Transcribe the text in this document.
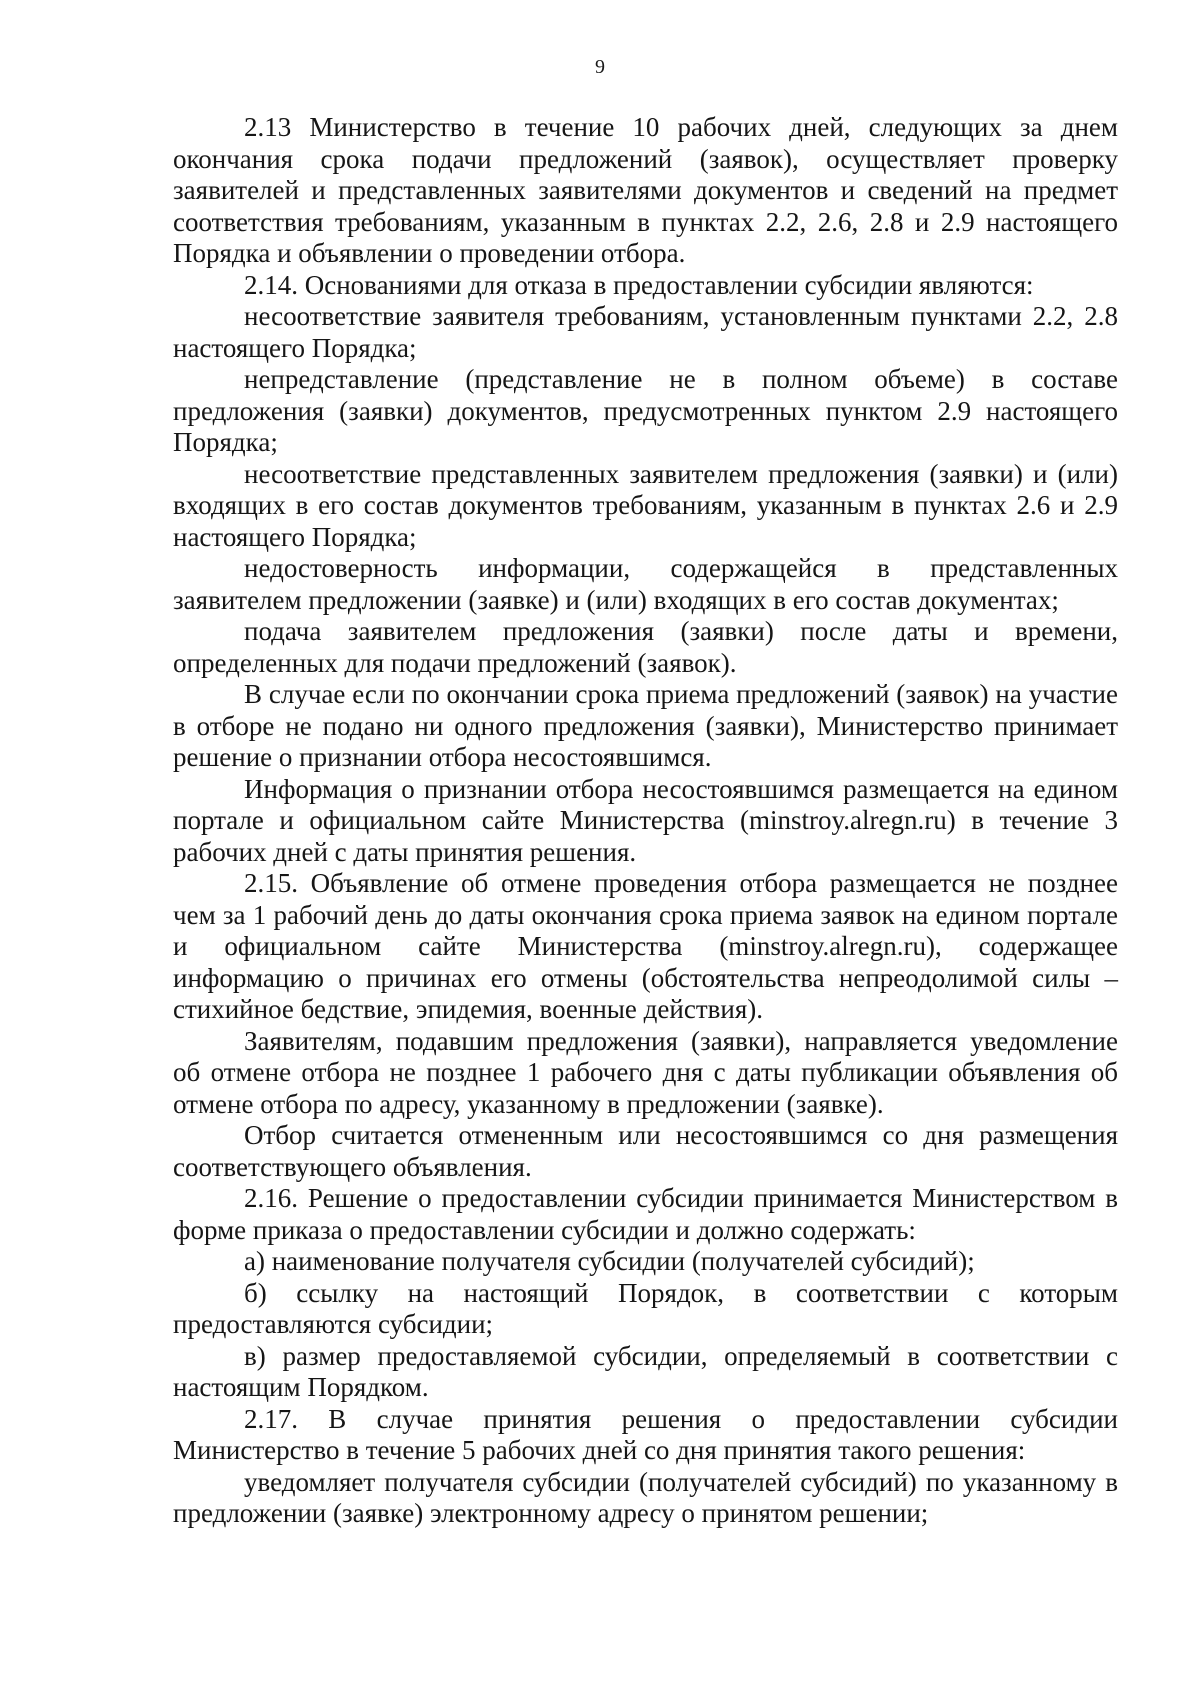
9

2.13 Министерство в течение 10 рабочих дней, следующих за днем окончания срока подачи предложений (заявок), осуществляет проверку заявителей и представленных заявителями документов и сведений на предмет соответствия требованиям, указанным в пунктах 2.2, 2.6, 2.8 и 2.9 настоящего Порядка и объявлении о проведении отбора.

2.14. Основаниями для отказа в предоставлении субсидии являются:

несоответствие заявителя требованиям, установленным пунктами 2.2, 2.8 настоящего Порядка;

непредставление (представление не в полном объеме) в составе предложения (заявки) документов, предусмотренных пунктом 2.9 настоящего Порядка;

несоответствие представленных заявителем предложения (заявки) и (или) входящих в его состав документов требованиям, указанным в пунктах 2.6 и 2.9 настоящего Порядка;

недостоверность информации, содержащейся в представленных заявителем предложении (заявке) и (или) входящих в его состав документах;

подача заявителем предложения (заявки) после даты и времени, определенных для подачи предложений (заявок).

В случае если по окончании срока приема предложений (заявок) на участие в отборе не подано ни одного предложения (заявки), Министерство принимает решение о признании отбора несостоявшимся.

Информация о признании отбора несостоявшимся размещается на едином портале и официальном сайте Министерства (minstroy.alregn.ru) в течение 3 рабочих дней с даты принятия решения.

2.15. Объявление об отмене проведения отбора размещается не позднее чем за 1 рабочий день до даты окончания срока приема заявок на едином портале и официальном сайте Министерства (minstroy.alregn.ru), содержащее информацию о причинах его отмены (обстоятельства непреодолимой силы – стихийное бедствие, эпидемия, военные действия).

Заявителям, подавшим предложения (заявки), направляется уведомление об отмене отбора не позднее 1 рабочего дня с даты публикации объявления об отмене отбора по адресу, указанному в предложении (заявке).

Отбор считается отмененным или несостоявшимся со дня размещения соответствующего объявления.

2.16. Решение о предоставлении субсидии принимается Министерством в форме приказа о предоставлении субсидии и должно содержать:

а) наименование получателя субсидии (получателей субсидий);

б) ссылку на настоящий Порядок, в соответствии с которым предоставляются субсидии;

в) размер предоставляемой субсидии, определяемый в соответствии с настоящим Порядком.

2.17. В случае принятия решения о предоставлении субсидии Министерство в течение 5 рабочих дней со дня принятия такого решения:

уведомляет получателя субсидии (получателей субсидий) по указанному в предложении (заявке) электронному адресу о принятом решении;
